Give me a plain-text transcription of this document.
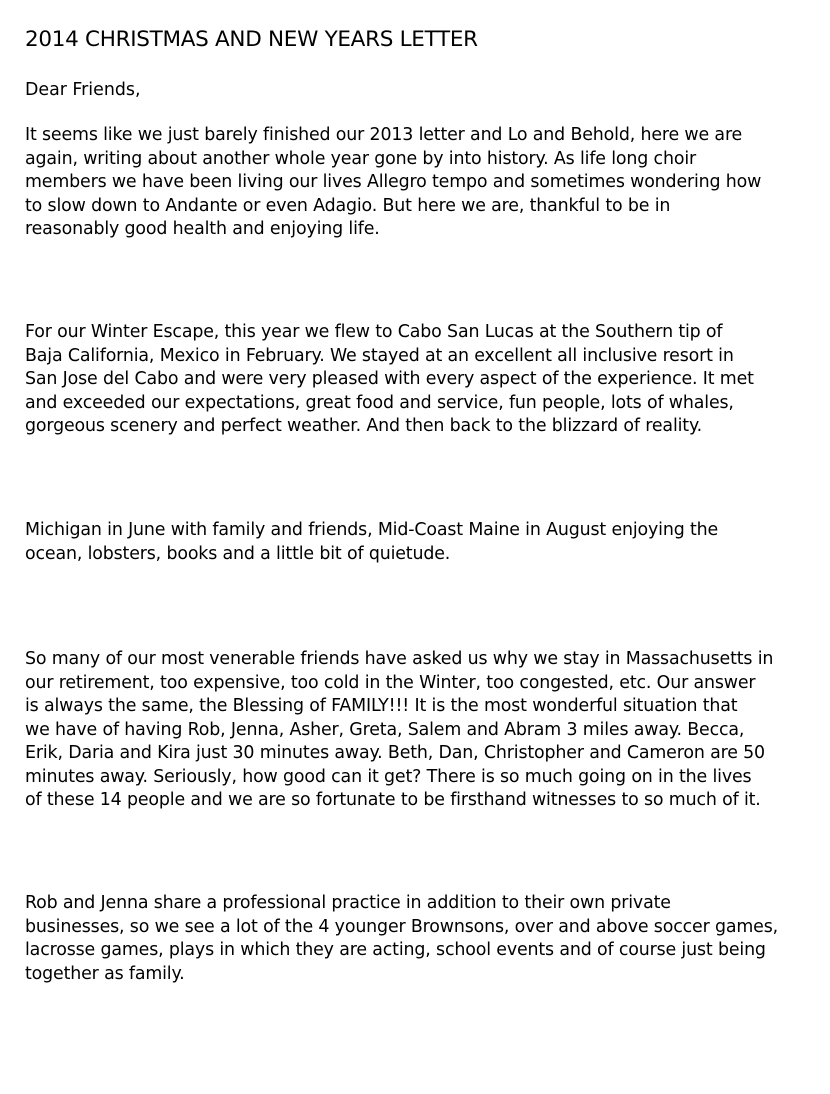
2014 CHRISTMAS AND NEW YEARS LETTER
Dear Friends,
It seems like we just barely finished our 2013 letter and Lo and Behold, here we are
again, writing about another whole year gone by into history. As life long choir
members we have been living our lives Allegro tempo and sometimes wondering how
to slow down to Andante or even Adagio. But here we are, thankful to be in
reasonably good health and enjoying life.
For our Winter Escape, this year we flew to Cabo San Lucas at the Southern tip of
Baja California, Mexico in February. We stayed at an excellent all inclusive resort in
San Jose del Cabo and were very pleased with every aspect of the experience. It met
and exceeded our expectations, great food and service, fun people, lots of whales,
gorgeous scenery and perfect weather. And then back to the blizzard of reality.
Michigan in June with family and friends, Mid-Coast Maine in August enjoying the
ocean, lobsters, books and a little bit of quietude.
So many of our most venerable friends have asked us why we stay in Massachusetts in
our retirement, too expensive, too cold in the Winter, too congested, etc. Our answer
is always the same, the Blessing of FAMILY!!! It is the most wonderful situation that
we have of having Rob, Jenna, Asher, Greta, Salem and Abram 3 miles away. Becca,
Erik, Daria and Kira just 30 minutes away. Beth, Dan, Christopher and Cameron are 50
minutes away. Seriously, how good can it get? There is so much going on in the lives
of these 14 people and we are so fortunate to be firsthand witnesses to so much of it.
Rob and Jenna share a professional practice in addition to their own private
businesses, so we see a lot of the 4 younger Brownsons, over and above soccer games,
lacrosse games, plays in which they are acting, school events and of course just being
together as family.
